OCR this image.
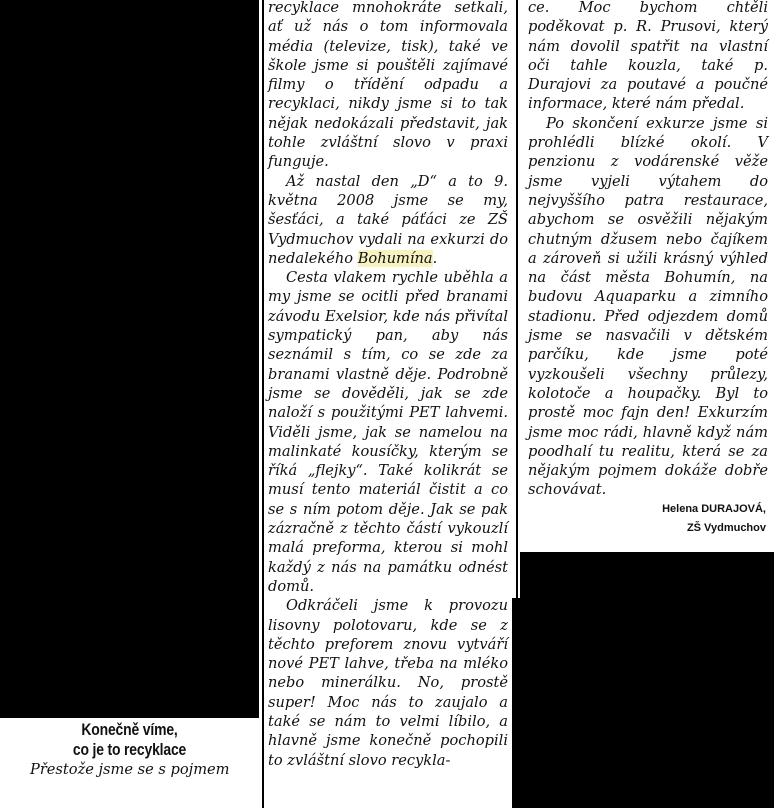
Konečně víme,
co je to recyklace

Přestože jsme se s pojmem

recyklace mnohokráte setkali, ať už nás o tom informovala média (televize, tisk), také ve škole jsme si pouštěli zajímavé filmy o třídění odpadu a recyklaci, nikdy jsme si to tak nějak nedokázali představit, jak tohle zvláštní slovo v praxi funguje.

Až nastal den „D“ a to 9. května 2008 jsme se my, šesťáci, a také páťáci ze ZŠ Vydmuchov vydali na exkurzi do nedalekého Bohumína.

Cesta vlakem rychle uběhla a my jsme se ocitli před branami závodu Exelsior, kde nás přivítal sympatický pan, aby nás seznámil s tím, co se zde za branami vlastně děje. Podrobně jsme se dověděli, jak se zde naloží s použitými PET lahvemi. Viděli jsme, jak se namelou na malinkaté kousíčky, kterým se říká „flejky“. Také kolikrát se musí tento materiál čistit a co se s ním potom děje. Jak se pak zázračně z těchto částí vykouzlí malá preforma, kterou si mohl každý z nás na památku odnést domů.

Odkráčeli jsme k provozu lisovny polotovaru, kde se z těchto preforem znovu vytváří nové PET lahve, třeba na mléko nebo minerálku. No, prostě super! Moc nás to zaujalo a také se nám to velmi líbilo, a hlavně jsme konečně pochopili to zvláštní slovo recykla-

ce. Moc bychom chtěli poděkovat p. R. Prusovi, který nám dovolil spatřit na vlastní oči tahle kouzla, také p. Durajovi za poutavé a poučné informace, které nám předal.

Po skončení exkurze jsme si prohlédli blízké okolí. V penzionu z vodárenské věže jsme vyjeli výtahem do nejvyššího patra restaurace, abychom se osvěžili nějakým chutným džusem nebo čajíkem a zároveň si užili krásný výhled na část města Bohumín, na budovu Aquaparku a zimního stadionu. Před odjezdem domů jsme se nasvačili v dětském parčíku, kde jsme poté vyzkoušeli všechny průlezy, kolotoče a houpačky. Byl to prostě moc fajn den! Exkurzím jsme moc rádi, hlavně když nám poodhalí tu realitu, která se za nějakým pojmem dokáže dobře schovávat.

Helena DURAJOVÁ,
ZŠ Vydmuchov
